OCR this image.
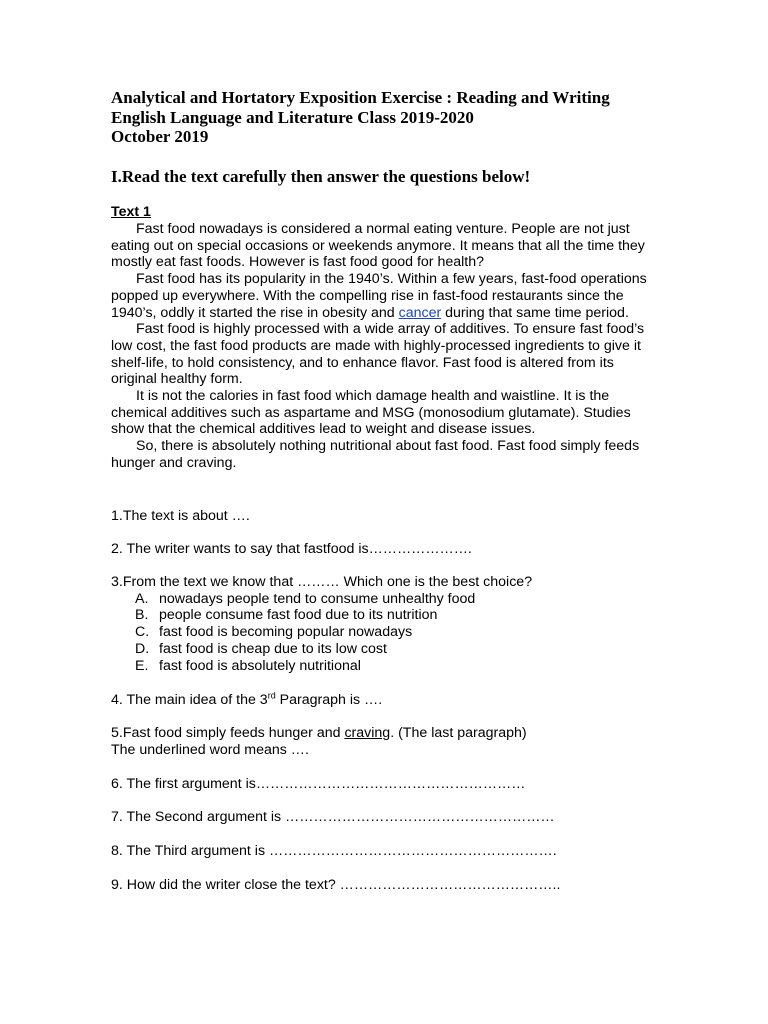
Analytical and Hortatory Exposition Exercise : Reading and Writing
English Language and Literature Class 2019-2020
October 2019
I.Read the text carefully then answer the questions below!
Text 1

Fast food nowadays is considered a normal eating venture. People are not just eating out on special occasions or weekends anymore. It means that all the time they mostly eat fast foods. However is fast food good for health?

Fast food has its popularity in the 1940’s. Within a few years, fast-food operations popped up everywhere. With the compelling rise in fast-food restaurants since the 1940’s, oddly it started the rise in obesity and cancer during that same time period.

Fast food is highly processed with a wide array of additives. To ensure fast food’s low cost, the fast food products are made with highly-processed ingredients to give it shelf-life, to hold consistency, and to enhance flavor. Fast food is altered from its original healthy form.

It is not the calories in fast food which damage health and waistline. It is the chemical additives such as aspartame and MSG (monosodium glutamate). Studies show that the chemical additives lead to weight and disease issues.

So, there is absolutely nothing nutritional about fast food. Fast food simply feeds hunger and craving.

1.The text is about ….
2. The writer wants to say that fastfood is………………….
3.From the text we know that ……… Which one is the best choice?
A. nowadays people tend to consume unhealthy food
B. people consume fast food due to its nutrition
C. fast food is becoming popular nowadays
D. fast food is cheap due to its low cost
E. fast food is absolutely nutritional
4. The main idea of the 3rd Paragraph is ….
5.Fast food simply feeds hunger and craving. (The last paragraph)
The underlined word means ….
6. The first argument is…………………………………………………
7. The Second argument is …………………………………………………
8. The Third argument is …………………………………………………….
9. How did the writer close the text? ………………………………………..
